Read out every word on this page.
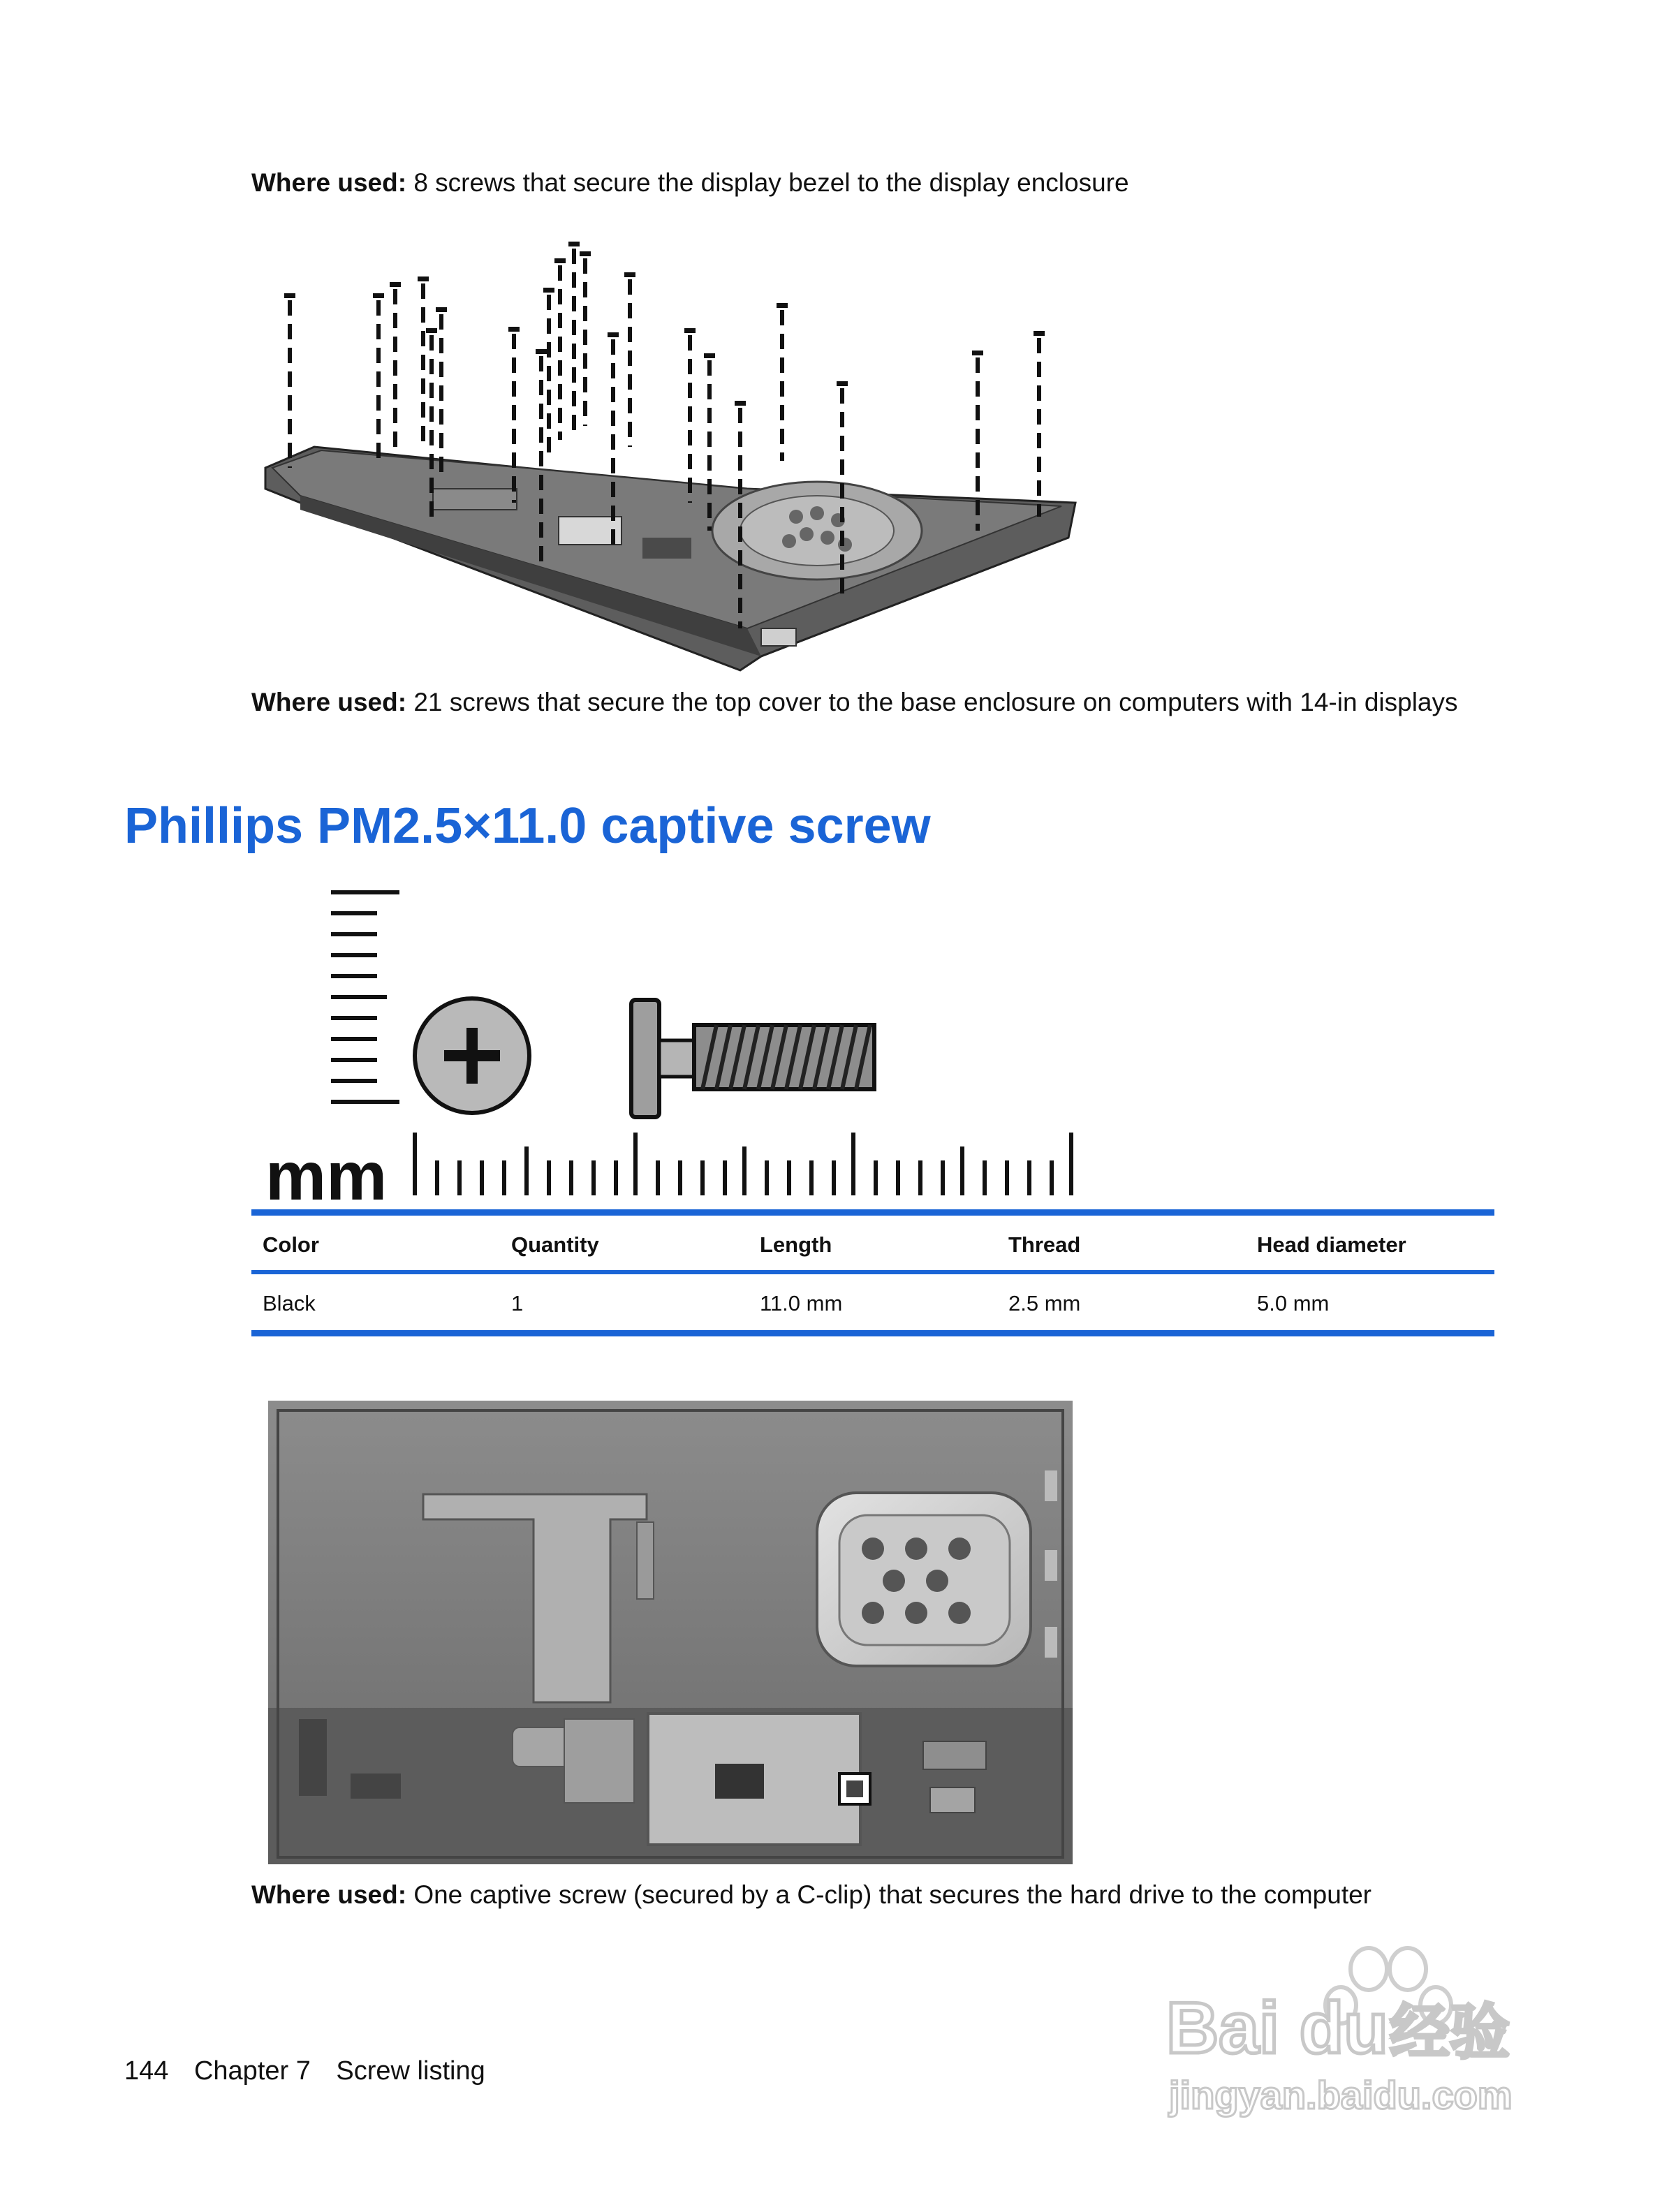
Where used: 8 screws that secure the display bezel to the display enclosure

Where used: 21 screws that secure the top cover to the base enclosure on computers with 14-in displays

Phillips PM2.5×11.0 captive screw
mm
Color	Quantity	Length	Thread	Head diameter
Black	1	11.0 mm	2.5 mm	5.0 mm

Where used: One captive screw (secured by a C-clip) that secures the hard drive to the computer

144 Chapter 7 Screw listing
Bai du 经验
jingyan.baidu.com
